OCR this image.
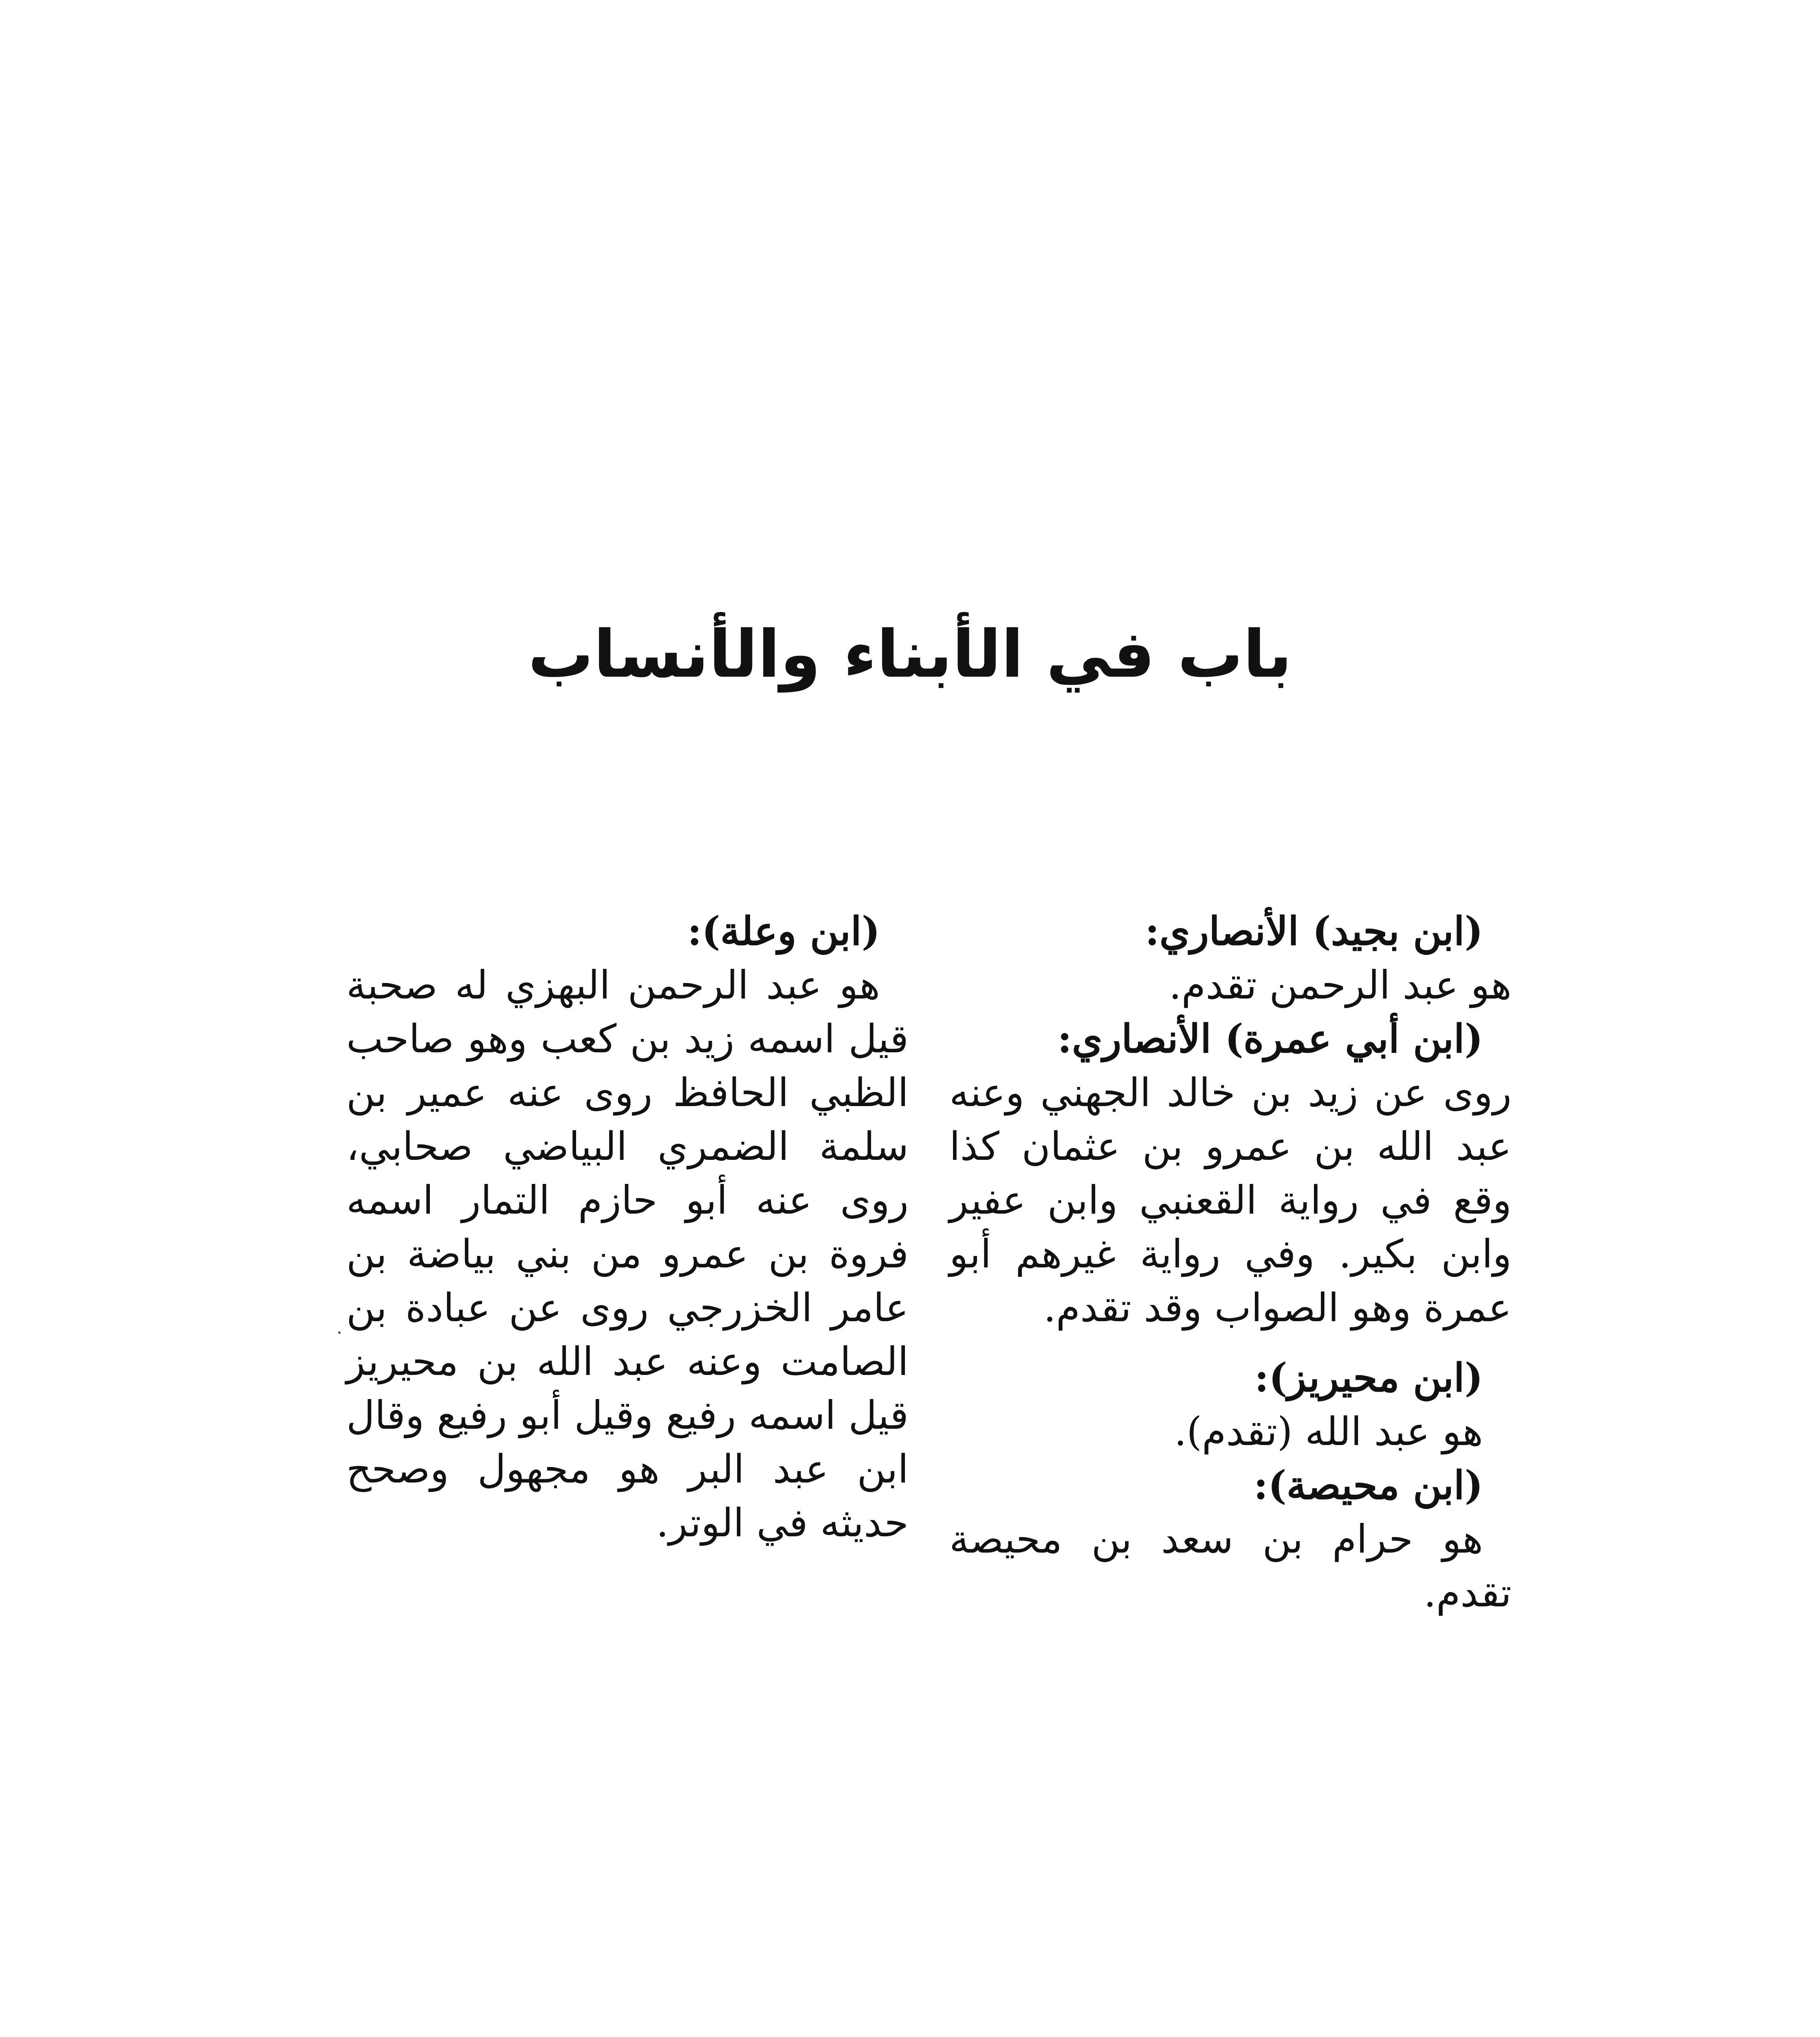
باب في الأبناء والأنساب
(ابن بجيد) الأنصاري:
هو عبد الرحمن تقدم.
(ابن أبي عمرة) الأنصاري:
روى عن زيد بن خالد الجهني وعنه عبد الله بن عمرو بن عثمان كذا وقع في رواية القعنبي وابن عفير وابن بكير. وفي رواية غيرهم أبو عمرة وهو الصواب وقد تقدم.
(ابن محيريز):
هو عبد الله (تقدم).
(ابن محيصة):
هو حرام بن سعد بن محيصة تقدم.
(ابن وعلة):
هو عبد الرحمن البهزي له صحبة قيل اسمه زيد بن كعب وهو صاحب الظبي الحافظ روى عنه عمير بن سلمة الضمري البياضي صحابي، روى عنه أبو حازم التمار اسمه فروة بن عمرو من بني بياضة بن عامر الخزرجي روى عن عبادة بن الصامت وعنه عبد الله بن محيريز قيل اسمه رفيع وقيل أبو رفيع وقال ابن عبد البر هو مجهول وصحح حديثه في الوتر.
